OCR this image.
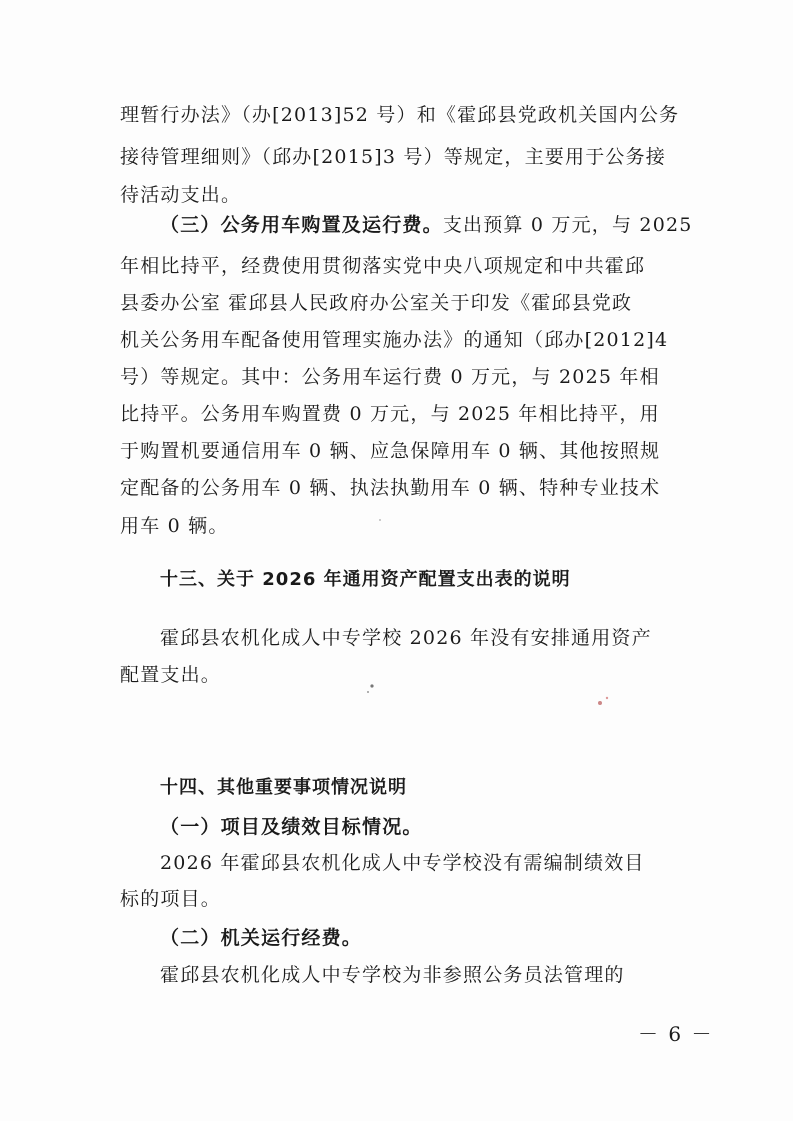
理暂行办法》（办[2013]52 号）和《霍邱县党政机关国内公务
接待管理细则》（邱办[2015]3 号）等规定，主要用于公务接
待活动支出。
（三）公务用车购置及运行费。支出预算 0 万元，与 2025
年相比持平，经费使用贯彻落实党中央八项规定和中共霍邱
县委办公室 霍邱县人民政府办公室关于印发《霍邱县党政
机关公务用车配备使用管理实施办法》的通知（邱办[2012]4
号）等规定。其中：公务用车运行费 0 万元，与 2025 年相
比持平。公务用车购置费 0 万元，与 2025 年相比持平，用
于购置机要通信用车 0 辆、应急保障用车 0 辆、其他按照规
定配备的公务用车 0 辆、执法执勤用车 0 辆、特种专业技术
用车 0 辆。
十三、关于 2026 年通用资产配置支出表的说明
霍邱县农机化成人中专学校 2026 年没有安排通用资产
配置支出。
十四、其他重要事项情况说明
（一）项目及绩效目标情况。
2026 年霍邱县农机化成人中专学校没有需编制绩效目
标的项目。
（二）机关运行经费。
霍邱县农机化成人中专学校为非参照公务员法管理的
－ 6 －
